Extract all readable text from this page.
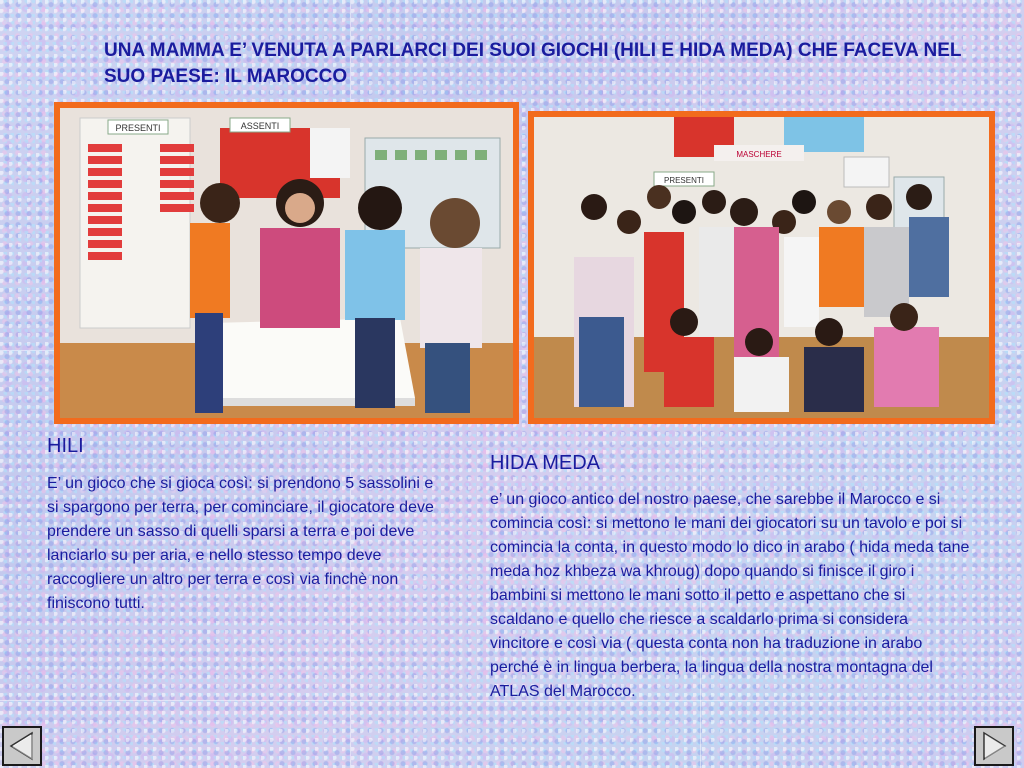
UNA MAMMA E’ VENUTA A PARLARCI DEI SUOI GIOCHI (HILI E HIDA MEDA) CHE FACEVA NEL SUO PAESE: IL MAROCCO
PRESENTI	ASSENTI
MASCHERE
PRESENTI
HILI

E’ un gioco che si gioca così: si prendono 5 sassolini e si spargono per terra, per cominciare, il giocatore deve prendere un sasso di quelli sparsi a terra e poi deve lanciarlo su per aria, e nello stesso tempo deve raccogliere un altro per terra e così via finchè non finiscono tutti.

HIDA MEDA

e’ un gioco antico del nostro paese, che sarebbe il Marocco e si comincia così: si mettono le mani dei giocatori su un tavolo e poi si comincia la conta, in questo modo lo dico in arabo ( hida meda tane meda hoz khbeza wa khroug) dopo quando si finisce il giro i bambini si mettono le mani sotto il petto e aspettano che si scaldano e quello che riesce a scaldarlo prima si considera vincitore e così via ( questa conta non ha traduzione in arabo perché è in lingua berbera, la lingua della nostra montagna del ATLAS del Marocco.
